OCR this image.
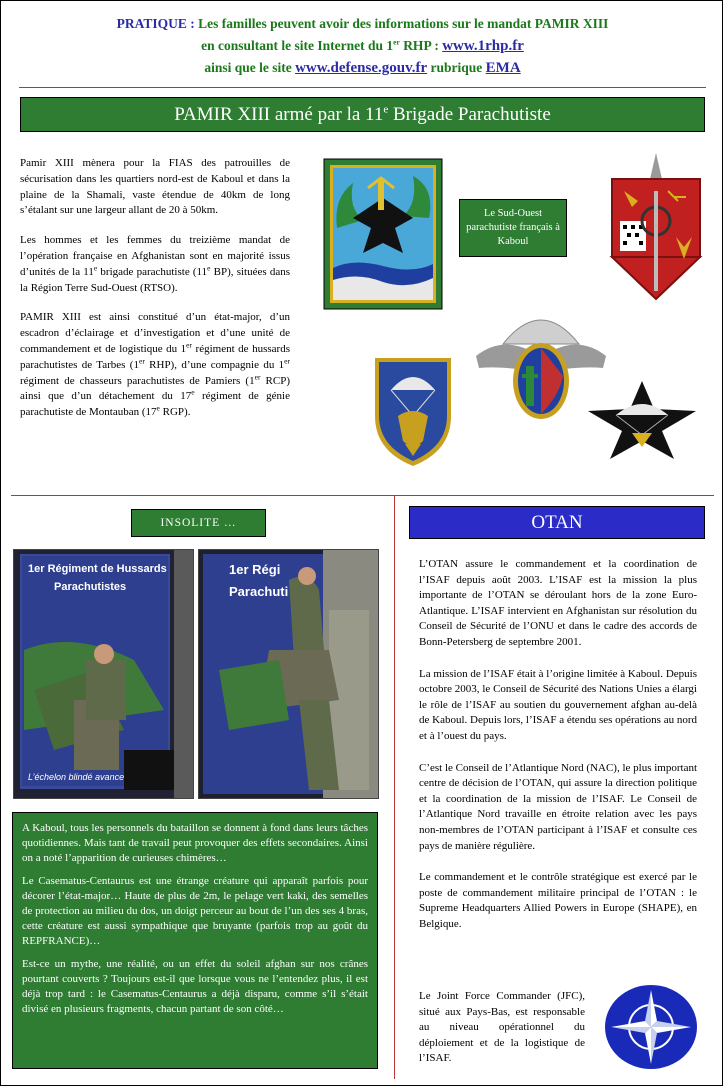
PRATIQUE : Les familles peuvent avoir des informations sur le mandat PAMIR XIII
en consultant le site Internet du 1er RHP : www.1rhp.fr
ainsi que le site www.defense.gouv.fr rubrique EMA
PAMIR XIII armé par la 11e Brigade Parachutiste

Pamir XIII mènera pour la FIAS des patrouilles de sécurisation dans les quartiers nord-est de Kaboul et dans la plaine de la Shamali, vaste étendue de 40km de long s’étalant sur une largeur allant de 20 à 50km.

Les hommes et les femmes du treizième mandat de l’opération française en Afghanistan sont en majorité issus d’unités de la 11e brigade parachutiste (11e BP), situées dans la Région Terre Sud-Ouest (RTSO).

PAMIR XIII est ainsi constitué d’un état-major, d’un escadron d’éclairage et d’investigation et d’une unité de commandement et de logistique du 1er régiment de hussards parachutistes de Tarbes (1er RHP), d’une compagnie du 1er régiment de chasseurs parachutistes de Pamiers (1er RCP) ainsi que d’un détachement du 17e régiment de génie parachutiste de Montauban (17e RGP).

Le Sud-Ouest parachutiste français à Kaboul
INSOLITE …	OTAN
1er Régiment de Hussards
Parachutistes
L’échelon blindé avance
1er Régi
Parachuti

A Kaboul, tous les personnels du bataillon se donnent à fond dans leurs tâches quotidiennes. Mais tant de travail peut provoquer des effets secondaires. Ainsi on a noté l’apparition de curieuses chimères…

Le Casematus-Centaurus est une étrange créature qui apparaît parfois pour décorer l’état-major… Haute de plus de 2m, le pelage vert kaki, des semelles de protection au milieu du dos, un doigt perceur au bout de l’un des ses 4 bras, cette créature est aussi sympathique que bruyante (parfois trop au goût du REPFRANCE)…

Est-ce un mythe, une réalité, ou un effet du soleil afghan sur nos crânes pourtant couverts ? Toujours est-il que lorsque vous ne l’entendez plus, il est déjà trop tard : le Casematus-Centaurus a déjà disparu, comme s’il s’était divisé en plusieurs fragments, chacun partant de son côté…

L’OTAN assure le commandement et la coordination de l’ISAF depuis août 2003. L’ISAF est la mission la plus importante de l’OTAN se déroulant hors de la zone Euro-Atlantique. L’ISAF intervient en Afghanistan sur résolution du Conseil de Sécurité de l’ONU et dans le cadre des accords de Bonn-Petersberg de septembre 2001.

La mission de l’ISAF était à l’origine limitée à Kaboul. Depuis octobre 2003, le Conseil de Sécurité des Nations Unies a élargi le rôle de l’ISAF au soutien du gouvernement afghan au-delà de Kaboul. Depuis lors, l’ISAF a étendu ses opérations au nord et à l’ouest du pays.

C’est le Conseil de l’Atlantique Nord (NAC), le plus important centre de décision de l’OTAN, qui assure la direction politique et la coordination de la mission de l’ISAF. Le Conseil de l’Atlantique Nord travaille en étroite relation avec les pays non-membres de l’OTAN participant à l’ISAF et consulte ces pays de manière régulière.

Le commandement et le contrôle stratégique est exercé par le poste de commandement militaire principal de l’OTAN : le Supreme Headquarters Allied Powers in Europe (SHAPE), en Belgique.

Le Joint Force Commander (JFC), situé aux Pays-Bas, est responsable au niveau opérationnel du déploiement et de la logistique de l’ISAF.
